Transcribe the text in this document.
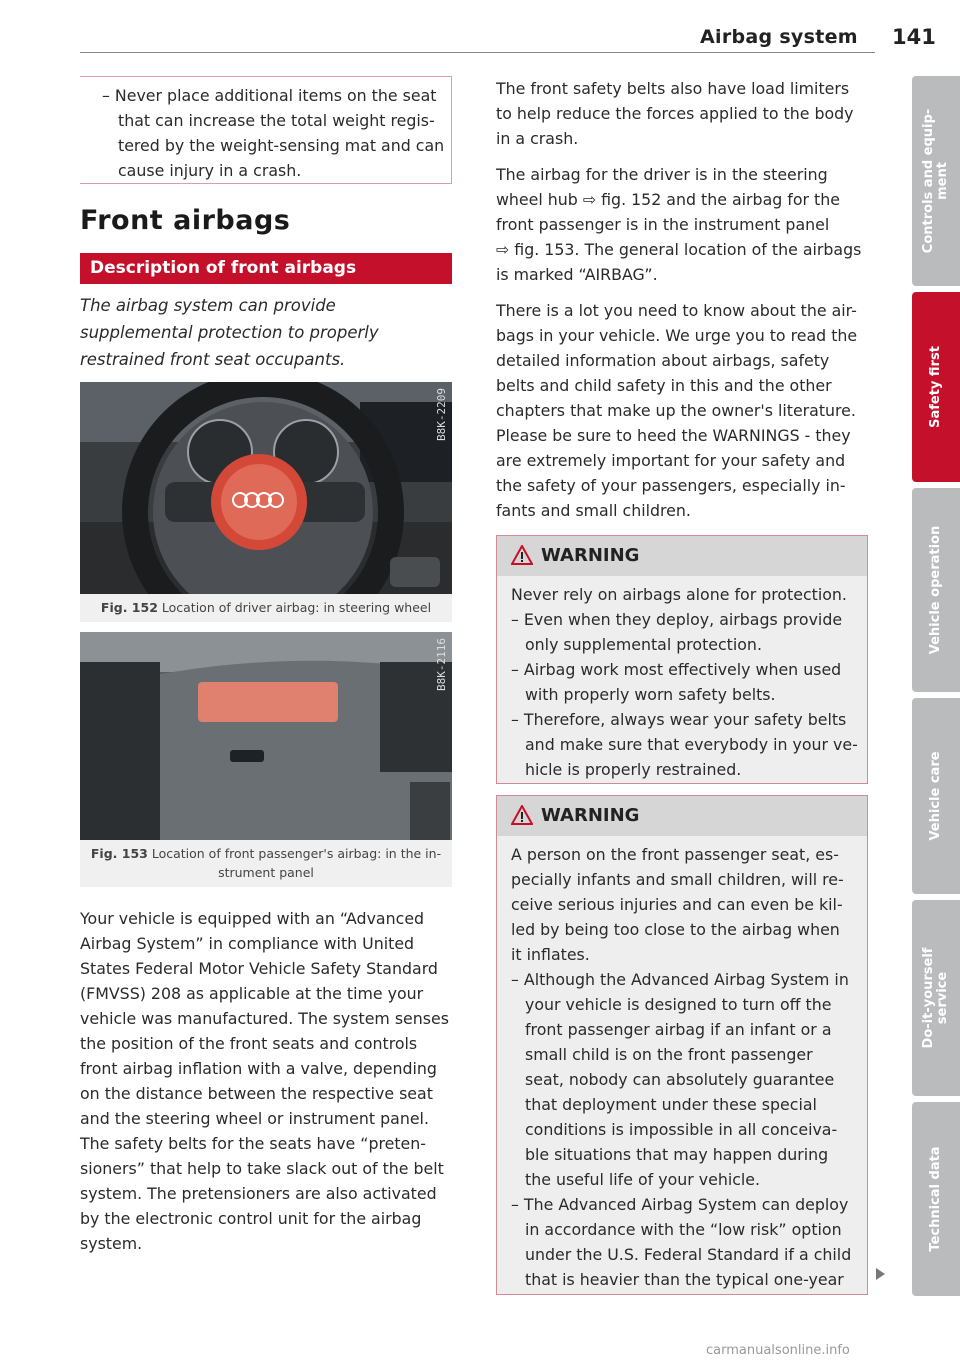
Airbag system 141
– Never place additional items on the seat
that can increase the total weight regis-
tered by the weight-sensing mat and can
cause injury in a crash.
Front airbags
Description of front airbags
The airbag system can provide supplemental protection to properly restrained front seat occupants.
B8K-2209
Fig. 152 Location of driver airbag: in steering wheel
B8K-2116
Fig. 153 Location of front passenger's airbag: in the in-
strument panel

Your vehicle is equipped with an “Advanced

Airbag System” in compliance with United

States Federal Motor Vehicle Safety Standard

(FMVSS) 208 as applicable at the time your

vehicle was manufactured. The system senses

the position of the front seats and controls

front airbag inflation with a valve, depending

on the distance between the respective seat

and the steering wheel or instrument panel.

The safety belts for the seats have “preten-

sioners” that help to take slack out of the belt

system. The pretensioners are also activated

by the electronic control unit for the airbag

system.

The front safety belts also have load limiters

to help reduce the forces applied to the body

in a crash.

The airbag for the driver is in the steering

wheel hub ⇨ fig. 152 and the airbag for the

front passenger is in the instrument panel

⇨ fig. 153. The general location of the airbags

is marked “AIRBAG”.

There is a lot you need to know about the air-

bags in your vehicle. We urge you to read the

detailed information about airbags, safety

belts and child safety in this and the other

chapters that make up the owner's literature.

Please be sure to heed the WARNINGS - they

are extremely important for your safety and

the safety of your passengers, especially in-

fants and small children.

WARNING
Never rely on airbags alone for protection.
– Even when they deploy, airbags provide
only supplemental protection.
– Airbag work most effectively when used
with properly worn safety belts.
– Therefore, always wear your safety belts
and make sure that everybody in your ve-
hicle is properly restrained.
WARNING
A person on the front passenger seat, es-
pecially infants and small children, will re-
ceive serious injuries and can even be kil-
led by being too close to the airbag when
it inflates.
– Although the Advanced Airbag System in
your vehicle is designed to turn off the
front passenger airbag if an infant or a
small child is on the front passenger
seat, nobody can absolutely guarantee
that deployment under these special
conditions is impossible in all conceiva-
ble situations that may happen during
the useful life of your vehicle.
– The Advanced Airbag System can deploy
in accordance with the “low risk” option
under the U.S. Federal Standard if a child
that is heavier than the typical one-year
Controls and equip-
ment
Safety first
Vehicle operation
Vehicle care
Do-it-yourself
service
Technical data
carmanualsonline.info
